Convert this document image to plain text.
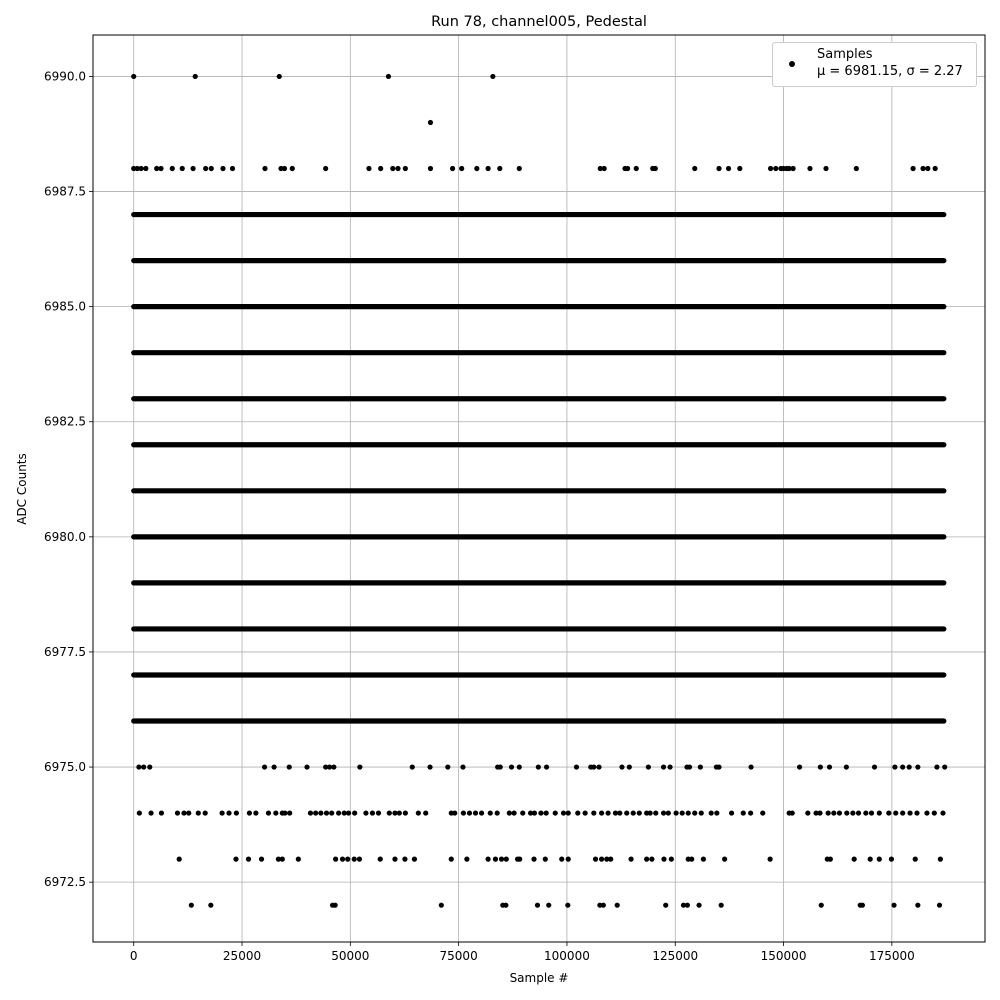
Run 78, channel005, Pedestal
0	25000	50000	75000	100000	125000	150000	175000
6972.5
6975.0
6977.5
6980.0
6982.5
6985.0
6987.5
6990.0
Sample #
ADC Counts
Samples
μ = 6981.15, σ = 2.27
